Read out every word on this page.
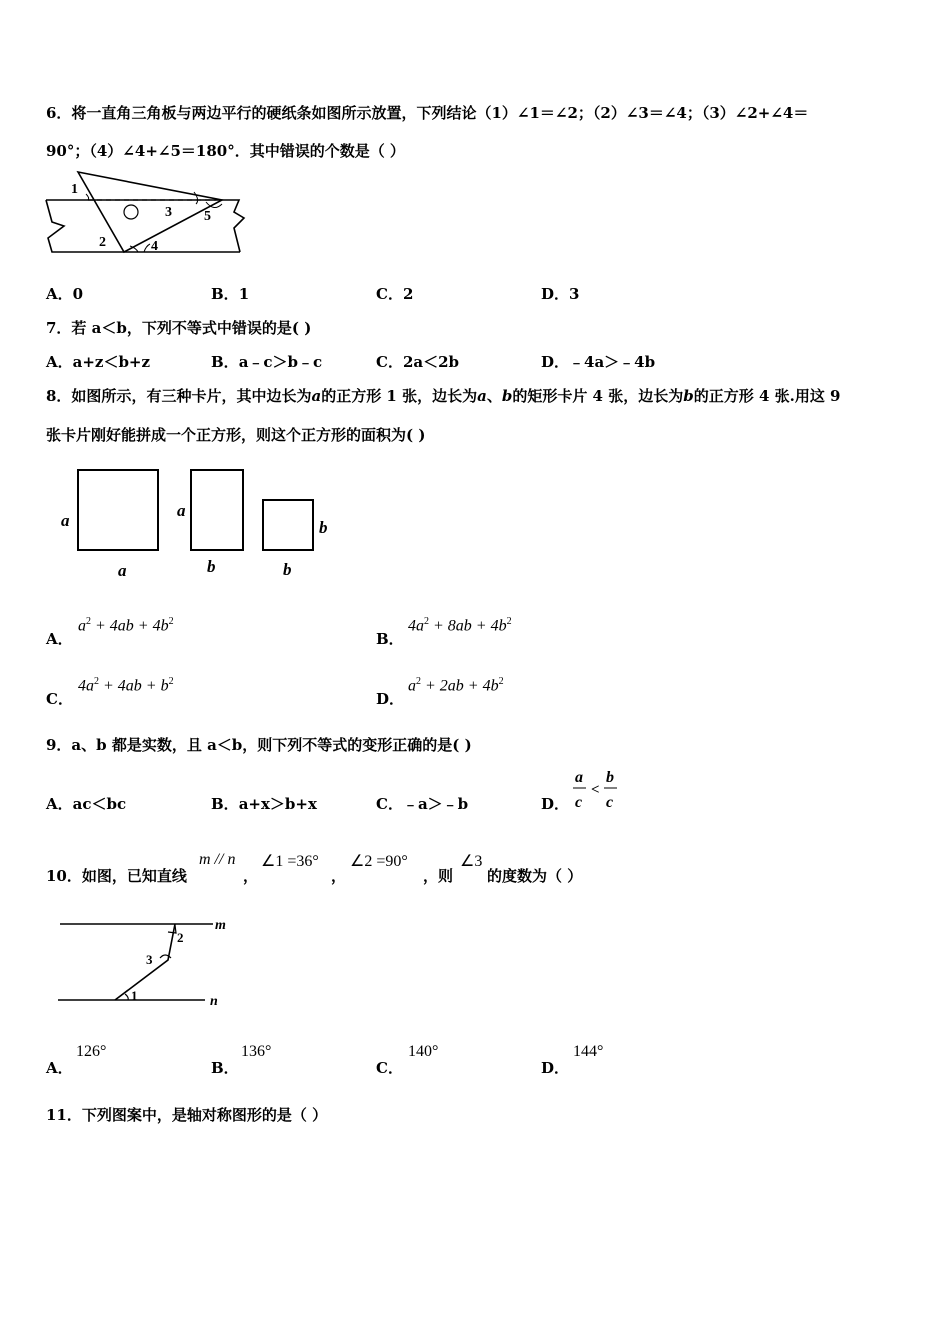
6．将一直角三角板与两边平行的硬纸条如图所示放置，下列结论（1）∠1＝∠2；（2）∠3＝∠4；（3）∠2+∠4＝
90°；（4）∠4+∠5＝180°．其中错误的个数是（ ）
1
2
3
4
5
A．0	B．1	C．2	D．3
7．若 a＜b，下列不等式中错误的是( )
A．a+z＜b+z	B．a﹣c＞b﹣c	C．2a＜2b	D．﹣4a＞﹣4b
8．如图所示，有三种卡片，其中边长为a的正方形 1 张，边长为a、b的矩形卡片 4 张，边长为b的正方形 4 张.用这 9
张卡片刚好能拼成一个正方形，则这个正方形的面积为( )
a
a
a
b
b
b
A．
$a^2 + 4ab + 4b^2$
B．
$4a^2 + 8ab + 4b^2$
C．
$4a^2 + 4ab + b^2$
D．
$a^2 + 2ab + 4b^2$
9．a、b 都是实数，且 a＜b，则下列不等式的变形正确的是( )
A．ac＜bc	B．a+x＞b+x	C．﹣a＞﹣b	D．
a
c
<
b
c
10．如图，已知直线
m // n
，
∠1 =36°
，
∠2 =90°
，则
∠3
的度数为（ ）
m
n
1
2
3
A．
126°
B．
136°
C．
140°
D．
144°
11．下列图案中，是轴对称图形的是（ ）
